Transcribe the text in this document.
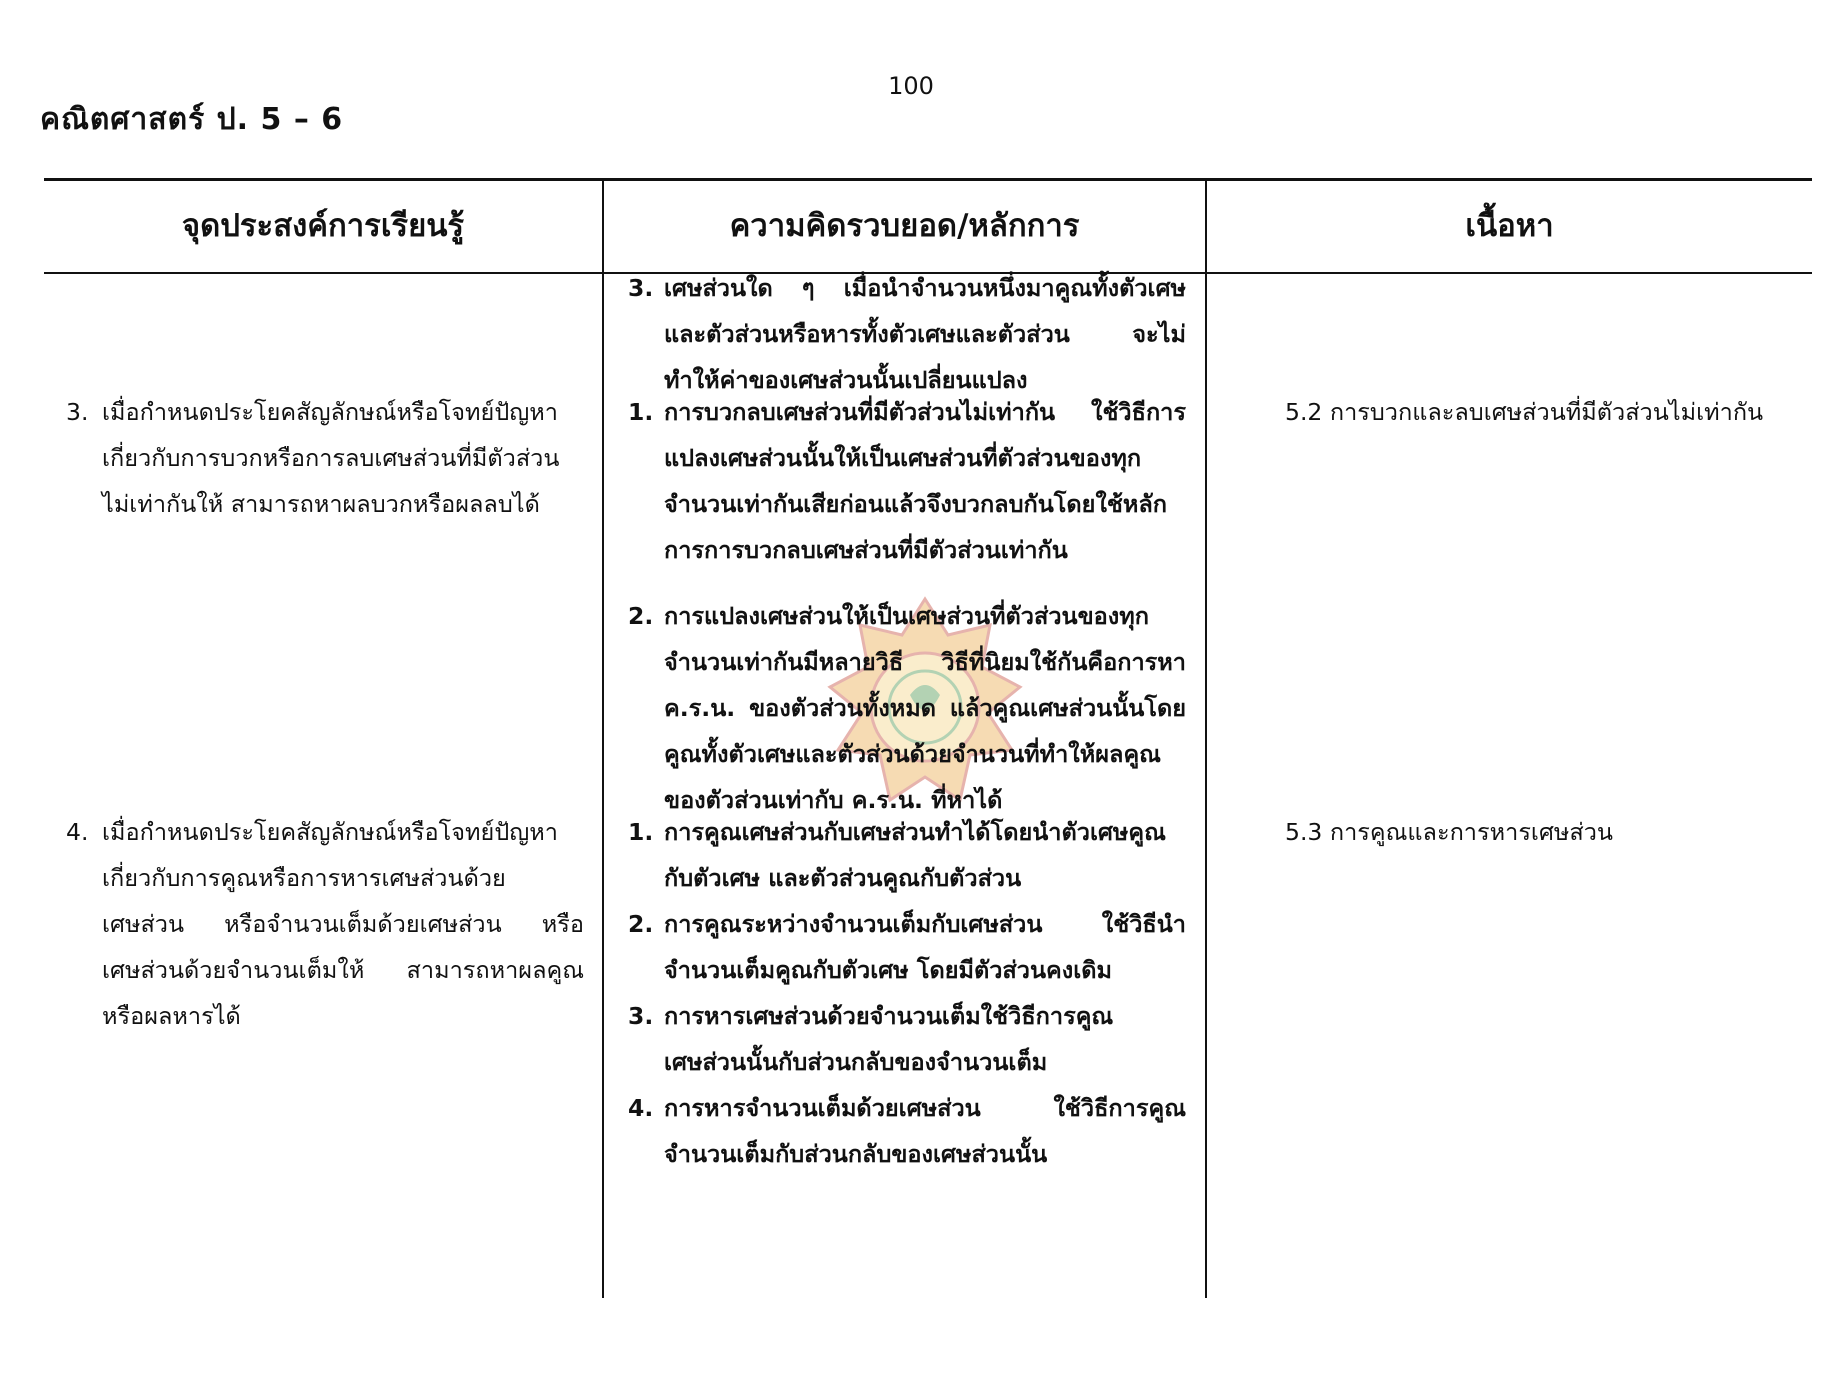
100
คณิตศาสตร์ ป. 5 – 6
จุดประสงค์การเรียนรู้	ความคิดรวบยอด/หลักการ	เนื้อหา
3. เมื่อกำหนดประโยคสัญลักษณ์หรือโจทย์ปัญหาเกี่ยวกับการบวกหรือการลบเศษส่วนที่มีตัวส่วนไม่เท่ากันให้ สามารถหาผลบวกหรือผลลบได้
4. เมื่อกำหนดประโยคสัญลักษณ์หรือโจทย์ปัญหาเกี่ยวกับการคูณหรือการหารเศษส่วนด้วยเศษส่วน หรือจำนวนเต็มด้วยเศษส่วน หรือเศษส่วนด้วยจำนวนเต็มให้ สามารถหาผลคูณหรือผลหารได้
3. เศษส่วนใด ๆ เมื่อนำจำนวนหนึ่งมาคูณทั้งตัวเศษและตัวส่วนหรือหารทั้งตัวเศษและตัวส่วน จะไม่ทำให้ค่าของเศษส่วนนั้นเปลี่ยนแปลง
1. การบวกลบเศษส่วนที่มีตัวส่วนไม่เท่ากัน ใช้วิธีการแปลงเศษส่วนนั้นให้เป็นเศษส่วนที่ตัวส่วนของทุกจำนวนเท่ากันเสียก่อนแล้วจึงบวกลบกันโดยใช้หลักการการบวกลบเศษส่วนที่มีตัวส่วนเท่ากัน
2. การแปลงเศษส่วนให้เป็นเศษส่วนที่ตัวส่วนของทุกจำนวนเท่ากันมีหลายวิธี วิธีที่นิยมใช้กันคือการหา ค.ร.น. ของตัวส่วนทั้งหมด แล้วคูณเศษส่วนนั้นโดยคูณทั้งตัวเศษและตัวส่วนด้วยจำนวนที่ทำให้ผลคูณของตัวส่วนเท่ากับ ค.ร.น. ที่หาได้
1. การคูณเศษส่วนกับเศษส่วนทำได้โดยนำตัวเศษคูณกับตัวเศษ และตัวส่วนคูณกับตัวส่วน
2. การคูณระหว่างจำนวนเต็มกับเศษส่วน ใช้วิธีนำจำนวนเต็มคูณกับตัวเศษ โดยมีตัวส่วนคงเดิม
3. การหารเศษส่วนด้วยจำนวนเต็มใช้วิธีการคูณเศษส่วนนั้นกับส่วนกลับของจำนวนเต็ม
4. การหารจำนวนเต็มด้วยเศษส่วน ใช้วิธีการคูณจำนวนเต็มกับส่วนกลับของเศษส่วนนั้น
5.2 การบวกและลบเศษส่วนที่มีตัวส่วนไม่เท่ากัน
5.3 การคูณและการหารเศษส่วน
